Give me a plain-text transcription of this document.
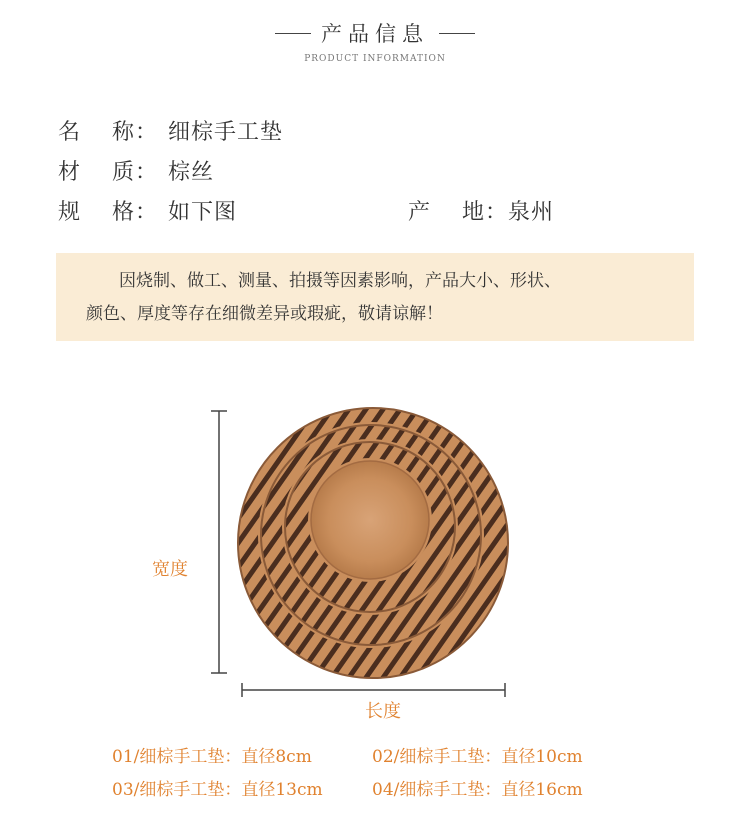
产品信息
PRODUCT INFORMATION
名 称： 细棕手工垫
材 质： 棕丝
规 格： 如下图	产 地：泉州

因烧制、做工、测量、拍摄等因素影响，产品大小、形状、

颜色、厚度等存在细微差异或瑕疵，敬请谅解！

宽度
长度
01/细棕手工垫：直径8cm	02/细棕手工垫：直径10cm
03/细棕手工垫：直径13cm	04/细棕手工垫：直径16cm
